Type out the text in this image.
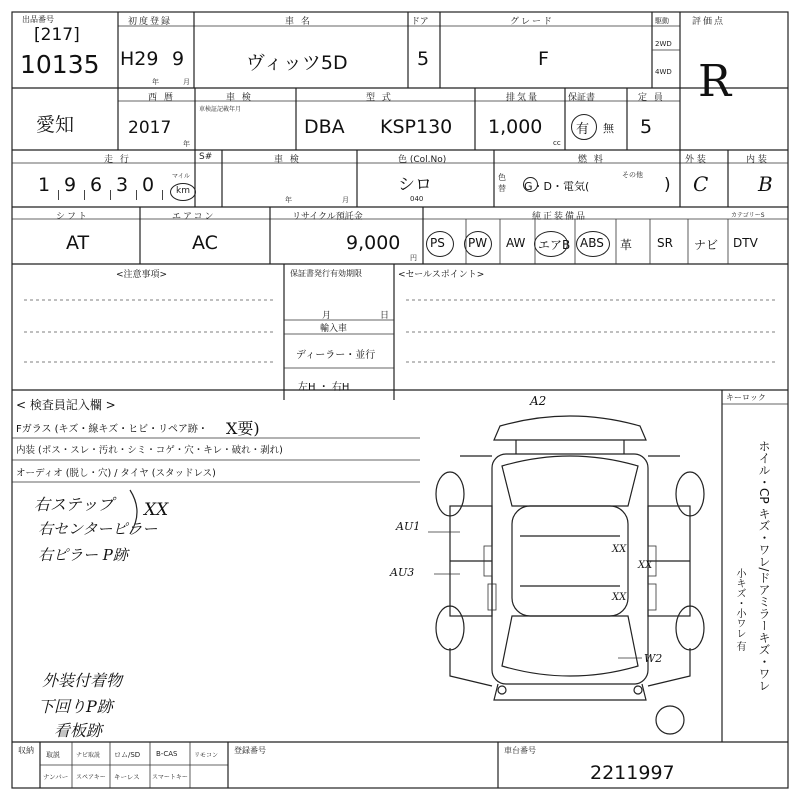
出品番号
[217]
10135
初度登録
H29 9
年	月
車 名
ヴィッツ5D
ドア
5
グレード
F
駆動
2WD
4WD
評価点
R
愛知
西 暦
2017
年
車 検
車検証記載年月
型 式
DBA KSP130
排気量
1,000
cc
保証書
有 無
定 員
5
走 行
1 9 6 3 0	マイル
km
S#	車 検
年	月
色 (Col.No)
シロ
040
色替
燃 料
G・D・電気(
その他 )
外 装
C
内 装
B
シフト
AT
エアコン
AC
リサイクル預託金
9,000
円
純正装備品
PS PW AW エアB ABS 革 SR ナビ DTV
カテゴリーS
<注意事項>	保証書発行有効期限
月	日
輸入車
ディーラー・並行
左H ・ 右H
<セールスポイント>
< 検査員記入欄 >
Fガラス (キズ・線キズ・ヒビ・リペア跡・ X要)
内装 (ポス・スレ・汚れ・シミ・コゲ・穴・キレ・破れ・剥れ)
オーディオ (脱し・穴) / タイヤ (スタッドレス)
右ステップ
右センターピラー
右ピラー P跡
XX
外装付着物
下回りP跡
看板跡
A2
AU1
AU3
W2
XX
XX
XX
キーロック
ホイル・CP キズ・ワレ/ドアミラーキズ・ワレ
小キズ・小ワレ 有
収納 取説	ナビ取説 ロム/SD B-CAS	リモコン
ナンバー スペアキー キーレス スマートキー
登録番号	車台番号
2211997
